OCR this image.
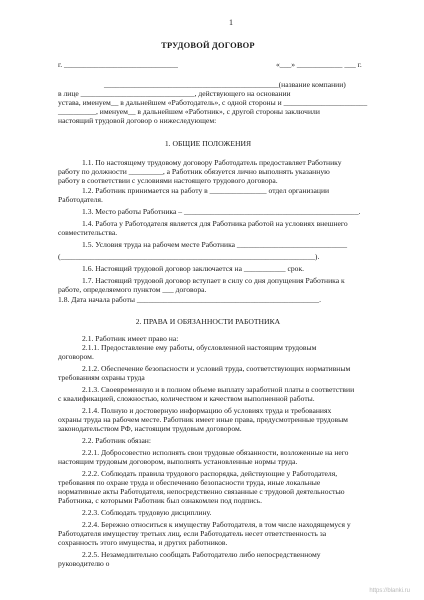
1
ТРУДОВОЙ ДОГОВОР
г. ______________________________	«___» ____________ ___ г.
______________________________________________(название компании)
в лице ______________________________, действующего на основании
устава, именуем__ в дальнейшем «Работодатель», с одной стороны и ______________________
__________, именуем__ в дальнейшем «Работник», с другой стороны заключили
настоящий трудовой договор о нижеследующем:
1. ОБЩИЕ ПОЛОЖЕНИЯ
1.1. По настоящему трудовому договору Работодатель предоставляет Работнику
работу по должности _________, а Работник обязуется лично выполнять указанную
работу в соответствии с условиями настоящего трудового договора.
1.2. Работник принимается на работу в _______________ отдел организации
Работодателя.
1.3. Место работы Работника – ______________________________________________.
1.4. Работа у Работодателя является для Работника работой на условиях внешнего
совместительства.
1.5. Условия труда на рабочем месте Работника _____________________________
(___________________________________________________________________).
1.6. Настоящий трудовой договор заключается на ___________ срок.
1.7. Настоящий трудовой договор вступает в силу со дня допущения Работника к
работе, определяемого пунктом ___ договора.
1.8. Дата начала работы ________________________________________________.
2. ПРАВА И ОБЯЗАННОСТИ РАБОТНИКА
2.1. Работник имеет право на:
2.1.1. Предоставление ему работы, обусловленной настоящим трудовым
договором.
2.1.2. Обеспечение безопасности и условий труда, соответствующих нормативным
требованиям охраны труда
2.1.3. Своевременную и в полном объеме выплату заработной платы в соответствии
с квалификацией, сложностью, количеством и качеством выполненной работы.
2.1.4. Полную и достоверную информацию об условиях труда и требованиях
охраны труда на рабочем месте. Работник имеет иные права, предусмотренные трудовым
законодательством РФ, настоящим трудовым договором.
2.2. Работник обязан:
2.2.1. Добросовестно исполнять свои трудовые обязанности, возложенные на него
настоящим трудовым договором, выполнять установленные нормы труда.
2.2.2. Соблюдать правила трудового распорядка, действующие у Работодателя,
требования по охране труда и обеспечению безопасности труда, иные локальные
нормативные акты Работодателя, непосредственно связанные с трудовой деятельностью
Работника, с которыми Работник был ознакомлен под подпись.
2.2.3. Соблюдать трудовую дисциплину.
2.2.4. Бережно относиться к имуществу Работодателя, в том числе находящемуся у
Работодателя имуществу третьих лиц, если Работодатель несет ответственность за
сохранность этого имущества, и других работников.
2.2.5. Незамедлительно сообщать Работодателю либо непосредственному
руководителю о
https://blanki.ru
